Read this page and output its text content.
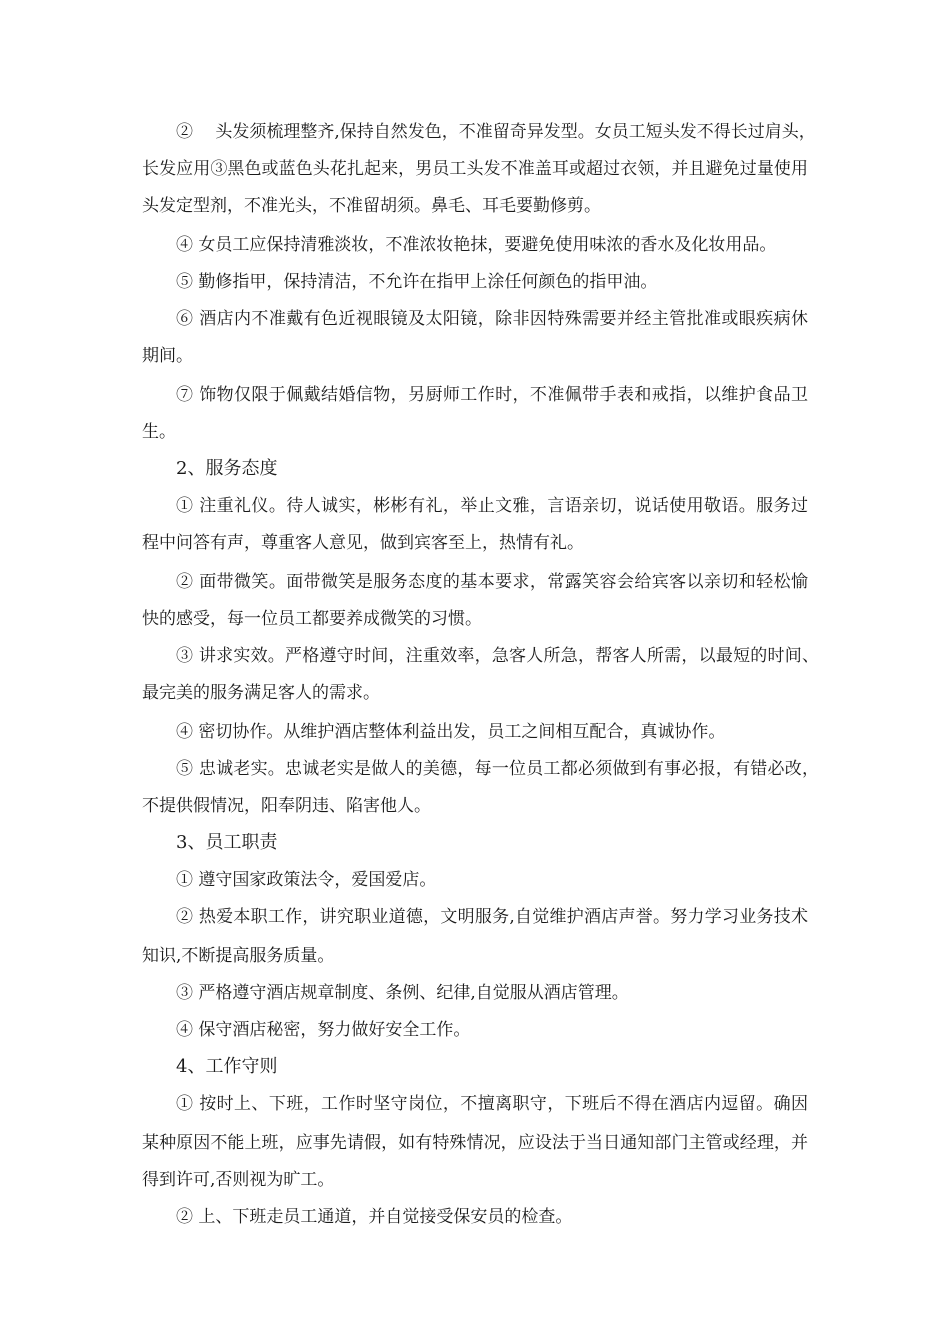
②　 头发须梳理整齐,保持自然发色，不准留奇异发型。女员工短头发不得长过肩头，
长发应用③黑色或蓝色头花扎起来，男员工头发不准盖耳或超过衣领，并且避免过量使用
头发定型剂，不准光头，不准留胡须。鼻毛、耳毛要勤修剪。
④ 女员工应保持清雅淡妆，不准浓妆艳抹，要避免使用味浓的香水及化妆用品。
⑤ 勤修指甲，保持清洁，不允许在指甲上涂任何颜色的指甲油。
⑥ 酒店内不准戴有色近视眼镜及太阳镜，除非因特殊需要并经主管批准或眼疾病休
期间。
⑦ 饰物仅限于佩戴结婚信物，另厨师工作时，不准佩带手表和戒指，以维护食品卫
生。
2、服务态度
① 注重礼仪。待人诚实，彬彬有礼，举止文雅，言语亲切，说话使用敬语。服务过
程中问答有声，尊重客人意见，做到宾客至上，热情有礼。
② 面带微笑。面带微笑是服务态度的基本要求，常露笑容会给宾客以亲切和轻松愉
快的感受，每一位员工都要养成微笑的习惯。
③ 讲求实效。严格遵守时间，注重效率，急客人所急，帮客人所需，以最短的时间、
最完美的服务满足客人的需求。
④ 密切协作。从维护酒店整体利益出发，员工之间相互配合，真诚协作。
⑤ 忠诚老实。忠诚老实是做人的美德，每一位员工都必须做到有事必报，有错必改，
不提供假情况，阳奉阴违、陷害他人。
3、员工职责
① 遵守国家政策法令，爱国爱店。
② 热爱本职工作，讲究职业道德，文明服务,自觉维护酒店声誉。努力学习业务技术
知识,不断提高服务质量。
③ 严格遵守酒店规章制度、条例、纪律,自觉服从酒店管理。
④ 保守酒店秘密，努力做好安全工作。
4、工作守则
① 按时上、下班，工作时坚守岗位，不擅离职守，下班后不得在酒店内逗留。确因
某种原因不能上班，应事先请假，如有特殊情况，应设法于当日通知部门主管或经理，并
得到许可,否则视为旷工。
② 上、下班走员工通道，并自觉接受保安员的检查。
